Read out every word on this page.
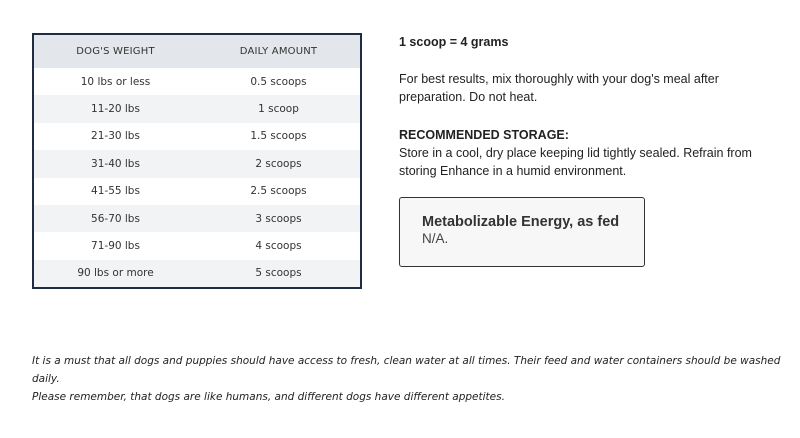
DOG'S WEIGHT	DAILY AMOUNT
10 lbs or less	0.5 scoops
11-20 lbs	1 scoop
21-30 lbs	1.5 scoops
31-40 lbs	2 scoops
41-55 lbs	2.5 scoops
56-70 lbs	3 scoops
71-90 lbs	4 scoops
90 lbs or more	5 scoops
1 scoop = 4 grams
For best results, mix thoroughly with your dog's meal after preparation. Do not heat.
RECOMMENDED STORAGE:
Store in a cool, dry place keeping lid tightly sealed. Refrain from storing Enhance in a humid environment.
Metabolizable Energy, as fed
N/A.
It is a must that all dogs and puppies should have access to fresh, clean water at all times. Their feed and water containers should be washed daily.
Please remember, that dogs are like humans, and different dogs have different appetites.
